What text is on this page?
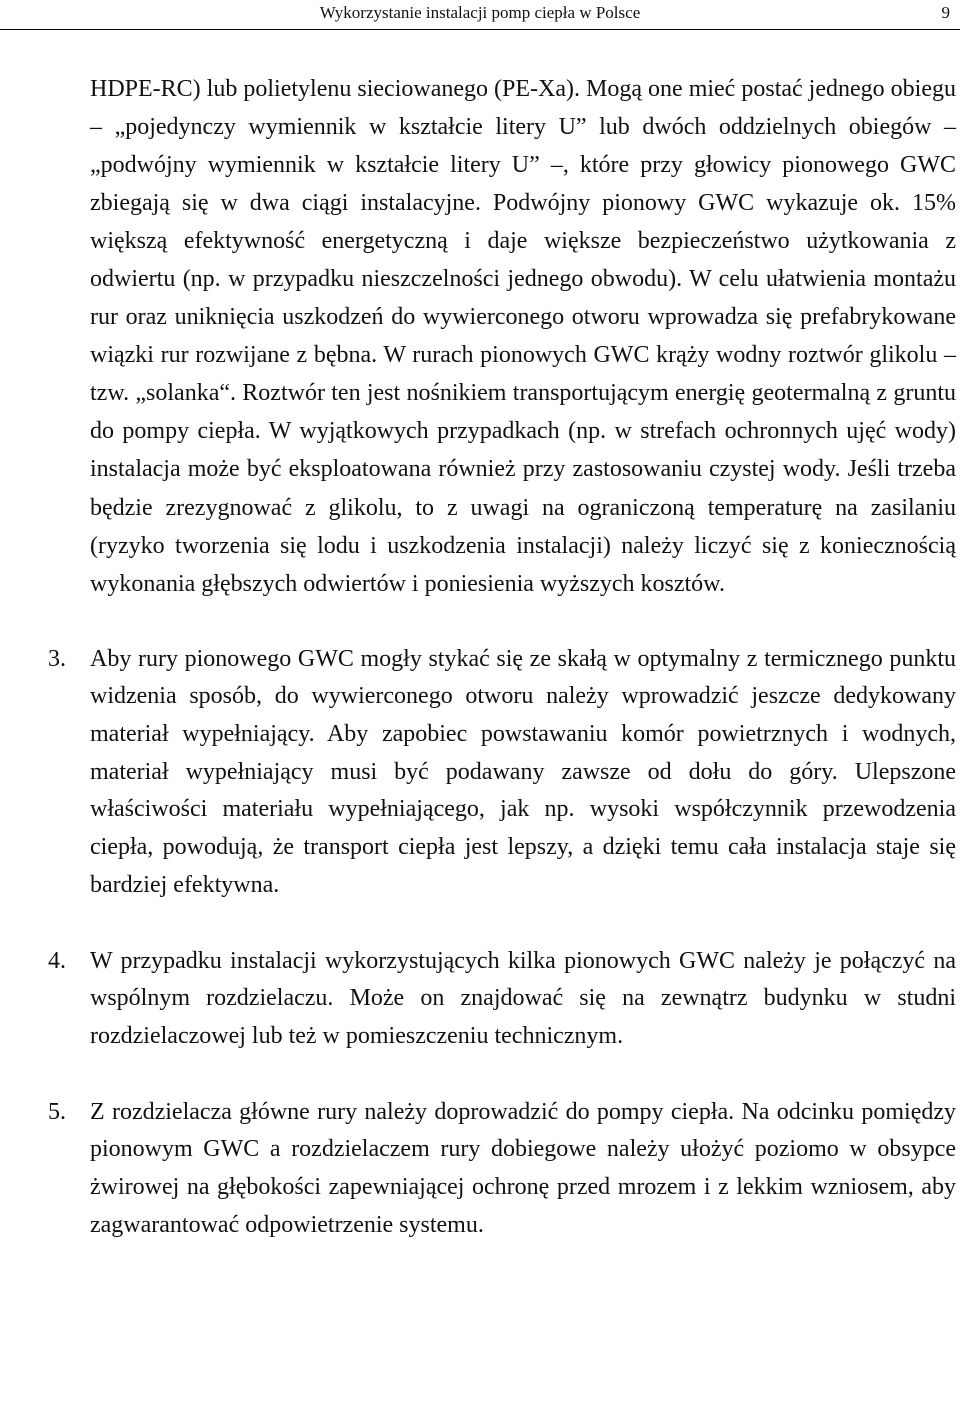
Wykorzystanie instalacji pomp ciepła w Polsce	9

HDPE-RC) lub polietylenu sieciowanego (PE-Xa). Mogą one mieć postać jednego obiegu – „pojedynczy wymiennik w kształcie litery U” lub dwóch oddzielnych obiegów – „podwójny wymiennik w kształcie litery U” –, które przy głowicy pionowego GWC zbiegają się w dwa ciągi instalacyjne. Podwójny pionowy GWC wykazuje ok. 15% większą efektywność energetyczną i daje większe bezpieczeństwo użytkowania z odwiertu (np. w przypadku nieszczelności jednego obwodu). W celu ułatwienia montażu rur oraz uniknięcia uszkodzeń do wywierconego otworu wprowadza się prefabrykowane wiązki rur rozwijane z bębna. W rurach pionowych GWC krąży wodny roztwór glikolu – tzw. „solanka“. Roztwór ten jest nośnikiem transportującym energię geotermalną z gruntu do pompy ciepła. W wyjątkowych przypadkach (np. w strefach ochronnych ujęć wody) instalacja może być eksploatowana również przy zastosowaniu czystej wody. Jeśli trzeba będzie zrezygnować z glikolu, to z uwagi na ograniczoną temperaturę na zasilaniu (ryzyko tworzenia się lodu i uszkodzenia instalacji) należy liczyć się z koniecznością wykonania głębszych odwiertów i poniesienia wyższych kosztów.

3. Aby rury pionowego GWC mogły stykać się ze skałą w optymalny z termicznego punktu widzenia sposób, do wywierconego otworu należy wprowadzić jeszcze dedykowany materiał wypełniający. Aby zapobiec powstawaniu komór powietrznych i wodnych, materiał wypełniający musi być podawany zawsze od dołu do góry. Ulepszone właściwości materiału wypełniającego, jak np. wysoki współczynnik przewodzenia ciepła, powodują, że transport ciepła jest lepszy, a dzięki temu cała instalacja staje się bardziej efektywna.
4. W przypadku instalacji wykorzystujących kilka pionowych GWC należy je połączyć na wspólnym rozdzielaczu. Może on znajdować się na zewnątrz budynku w studni rozdzielaczowej lub też w pomieszczeniu technicznym.
5. Z rozdzielacza główne rury należy doprowadzić do pompy ciepła. Na odcinku pomiędzy pionowym GWC a rozdzielaczem rury dobiegowe należy ułożyć poziomo w obsypce żwirowej na głębokości zapewniającej ochronę przed mrozem i z lekkim wzniosem, aby zagwarantować odpowietrzenie systemu.
